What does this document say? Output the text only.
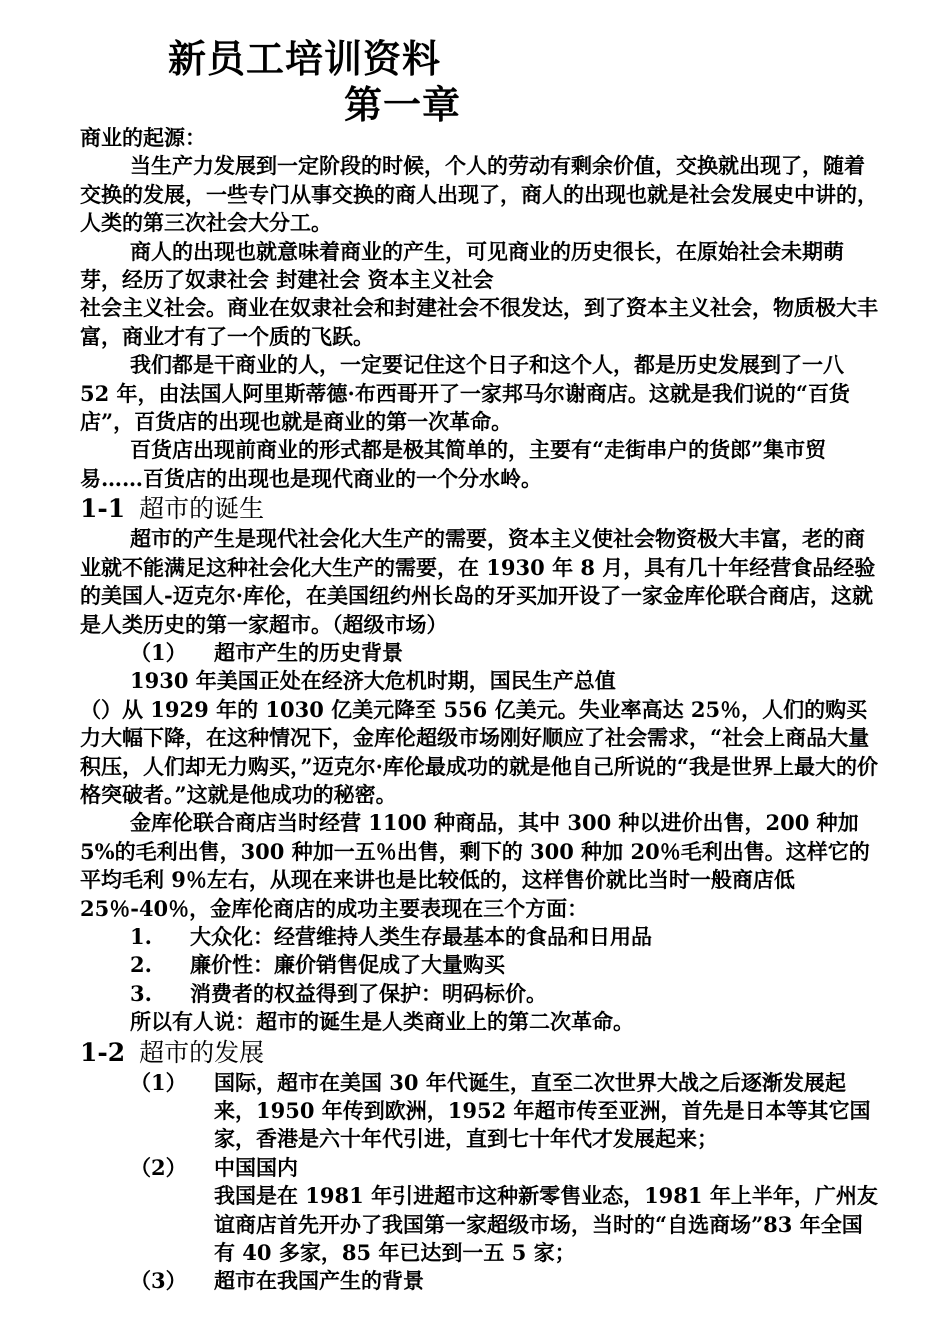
新员工培训资料
第一章

商业的起源：

当生产力发展到一定阶段的时候，个人的劳动有剩余价值，交换就出现了，随着交换的发展，一些专门从事交换的商人出现了，商人的出现也就是社会发展史中讲的，人类的第三次社会大分工。

商人的出现也就意味着商业的产生，可见商业的历史很长，在原始社会未期萌芽，经历了奴隶社会 封建社会 资本主义社会

社会主义社会。商业在奴隶社会和封建社会不很发达，到了资本主义社会，物质极大丰富，商业才有了一个质的飞跃。

我们都是干商业的人，一定要记住这个日子和这个人，都是历史发展到了一八 52 年，由法国人阿里斯蒂德·布西哥开了一家邦马尔谢商店。这就是我们说的“百货店”，百货店的出现也就是商业的第一次革命。

百货店出现前商业的形式都是极其简单的，主要有“走街串户的货郎”集市贸易……百货店的出现也是现代商业的一个分水岭。

1-1 超市的诞生

超市的产生是现代社会化大生产的需要，资本主义使社会物资极大丰富，老的商业就不能满足这种社会化大生产的需要，在 1930 年 8 月，具有几十年经营食品经验的美国人-迈克尔·库伦，在美国纽约州长岛的牙买加开设了一家金库伦联合商店，这就是人类历史的第一家超市。（超级市场）

（1）	超市产生的历史背景

1930 年美国正处在经济大危机时期，国民生产总值

（）从 1929 年的 1030 亿美元降至 556 亿美元。失业率高达 25％，人们的购买力大幅下降，在这种情况下，金库伦超级市场刚好顺应了社会需求，“社会上商品大量积压，人们却无力购买，”迈克尔·库伦最成功的就是他自己所说的“我是世界上最大的价格突破者。”这就是他成功的秘密。

金库伦联合商店当时经营 1100 种商品，其中 300 种以进价出售，200 种加 5%的毛利出售，300 种加一五％出售，剩下的 300 种加 20％毛利出售。这样它的平均毛利 9％左右，从现在来讲也是比较低的，这样售价就比当时一般商店低 25％-40％，金库伦商店的成功主要表现在三个方面：

1.	大众化：经营维持人类生存最基本的食品和日用品
2.	廉价性：廉价销售促成了大量购买
3.	消费者的权益得到了保护：明码标价。

所以有人说：超市的诞生是人类商业上的第二次革命。

1-2 超市的发展

（1）	国际，超市在美国 30 年代诞生，直至二次世界大战之后逐渐发展起来，1950 年传到欧洲，1952 年超市传至亚洲，首先是日本等其它国家，香港是六十年代引进，直到七十年代才发展起来；
（2）	中国国内

我国是在 1981 年引进超市这种新零售业态，1981 年上半年，广州友谊商店首先开办了我国第一家超级市场，当时的“自选商场”83 年全国有 40 多家，85 年已达到一五 5 家；

（3）	超市在我国产生的背景
